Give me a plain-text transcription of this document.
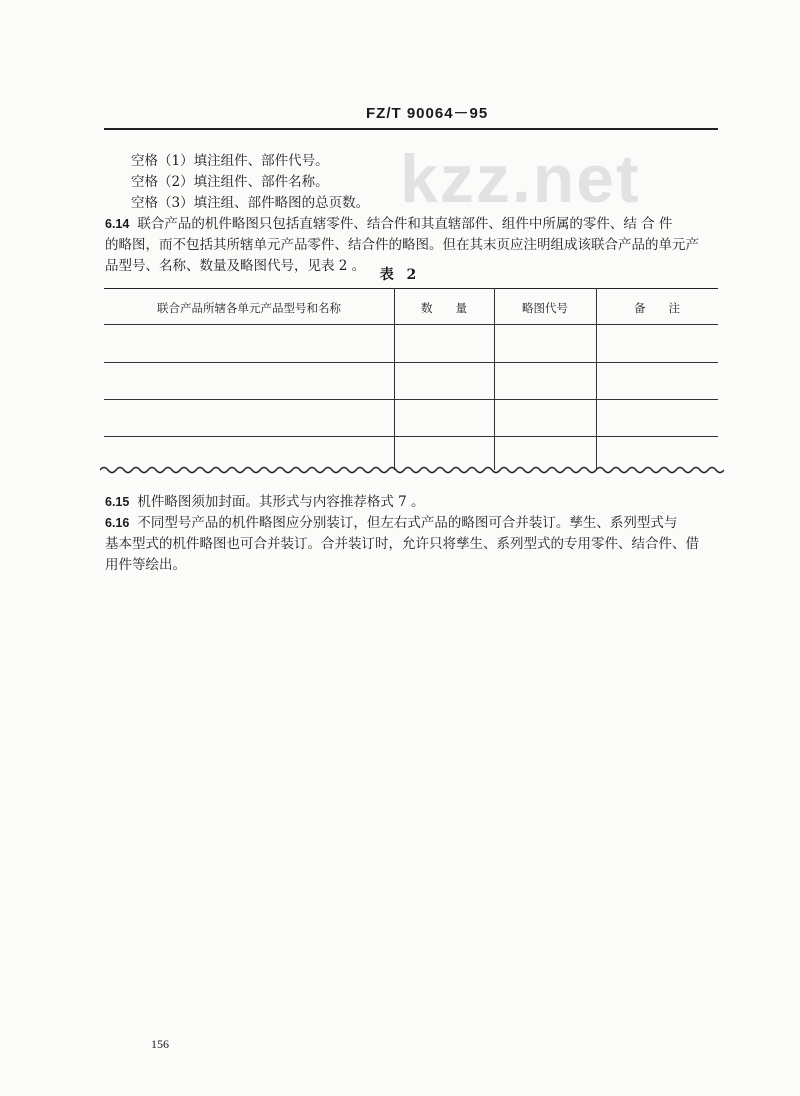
FZ/T 90064－95
kzz.net
空格（1）填注组件、部件代号。
空格（2）填注组件、部件名称。
空格（3）填注组、部件略图的总页数。
6.14 联合产品的机件略图只包括直辖零件、结合件和其直辖部件、组件中所属的零件、结 合 件
的略图，而不包括其所辖单元产品零件、结合件的略图。但在其末页应注明组成该联合产品的单元产
品型号、名称、数量及略图代号，见表 2 。
表 2
联合产品所辖各单元产品型号和名称	数　　量	略图代号	备　　注
6.15 机件略图须加封面。其形式与内容推荐格式 7 。
6.16 不同型号产品的机件略图应分别装订，但左右式产品的略图可合并装订。孳生、系列型式与
基本型式的机件略图也可合并装订。合并装订时，允许只将孳生、系列型式的专用零件、结合件、借
用件等绘出。
156
